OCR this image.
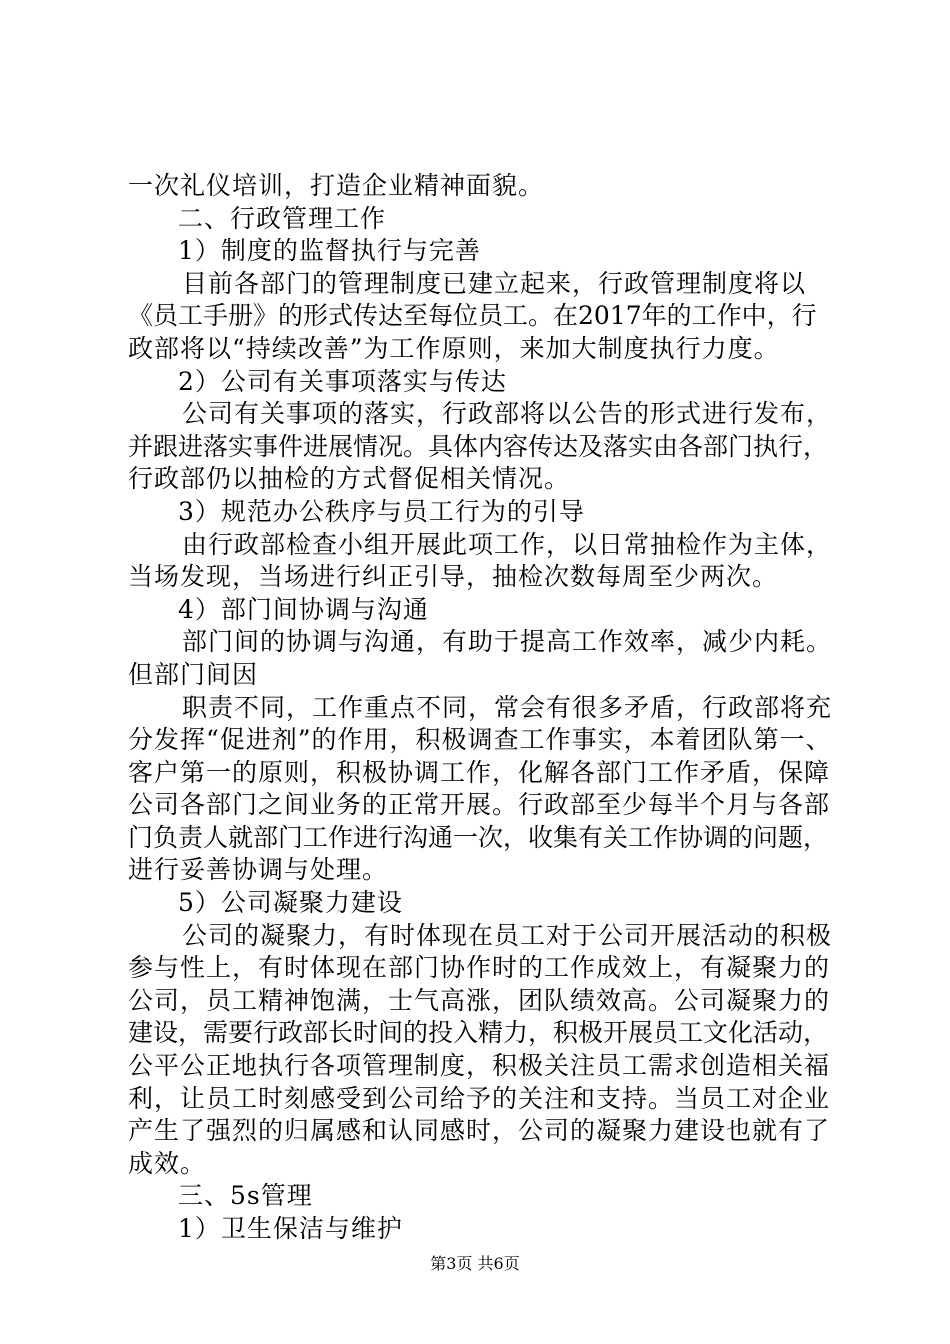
一次礼仪培训，打造企业精神面貌。
二、行政管理工作
1）制度的监督执行与完善
目前各部门的管理制度已建立起来，行政管理制度将以
《员工手册》的形式传达至每位员工。在2017年的工作中，行
政部将以“持续改善”为工作原则，来加大制度执行力度。
2）公司有关事项落实与传达
公司有关事项的落实，行政部将以公告的形式进行发布，
并跟进落实事件进展情况。具体内容传达及落实由各部门执行，
行政部仍以抽检的方式督促相关情况。
3）规范办公秩序与员工行为的引导
由行政部检查小组开展此项工作，以日常抽检作为主体，
当场发现，当场进行纠正引导，抽检次数每周至少两次。
4）部门间协调与沟通
部门间的协调与沟通，有助于提高工作效率，减少内耗。
但部门间因
职责不同，工作重点不同，常会有很多矛盾，行政部将充
分发挥“促进剂”的作用，积极调查工作事实，本着团队第一、
客户第一的原则，积极协调工作，化解各部门工作矛盾，保障
公司各部门之间业务的正常开展。行政部至少每半个月与各部
门负责人就部门工作进行沟通一次，收集有关工作协调的问题，
进行妥善协调与处理。
5）公司凝聚力建设
公司的凝聚力，有时体现在员工对于公司开展活动的积极
参与性上，有时体现在部门协作时的工作成效上，有凝聚力的
公司，员工精神饱满，士气高涨，团队绩效高。公司凝聚力的
建设，需要行政部长时间的投入精力，积极开展员工文化活动，
公平公正地执行各项管理制度，积极关注员工需求创造相关福
利，让员工时刻感受到公司给予的关注和支持。当员工对企业
产生了强烈的归属感和认同感时，公司的凝聚力建设也就有了
成效。
三、5s管理
1）卫生保洁与维护
第3页 共6页
